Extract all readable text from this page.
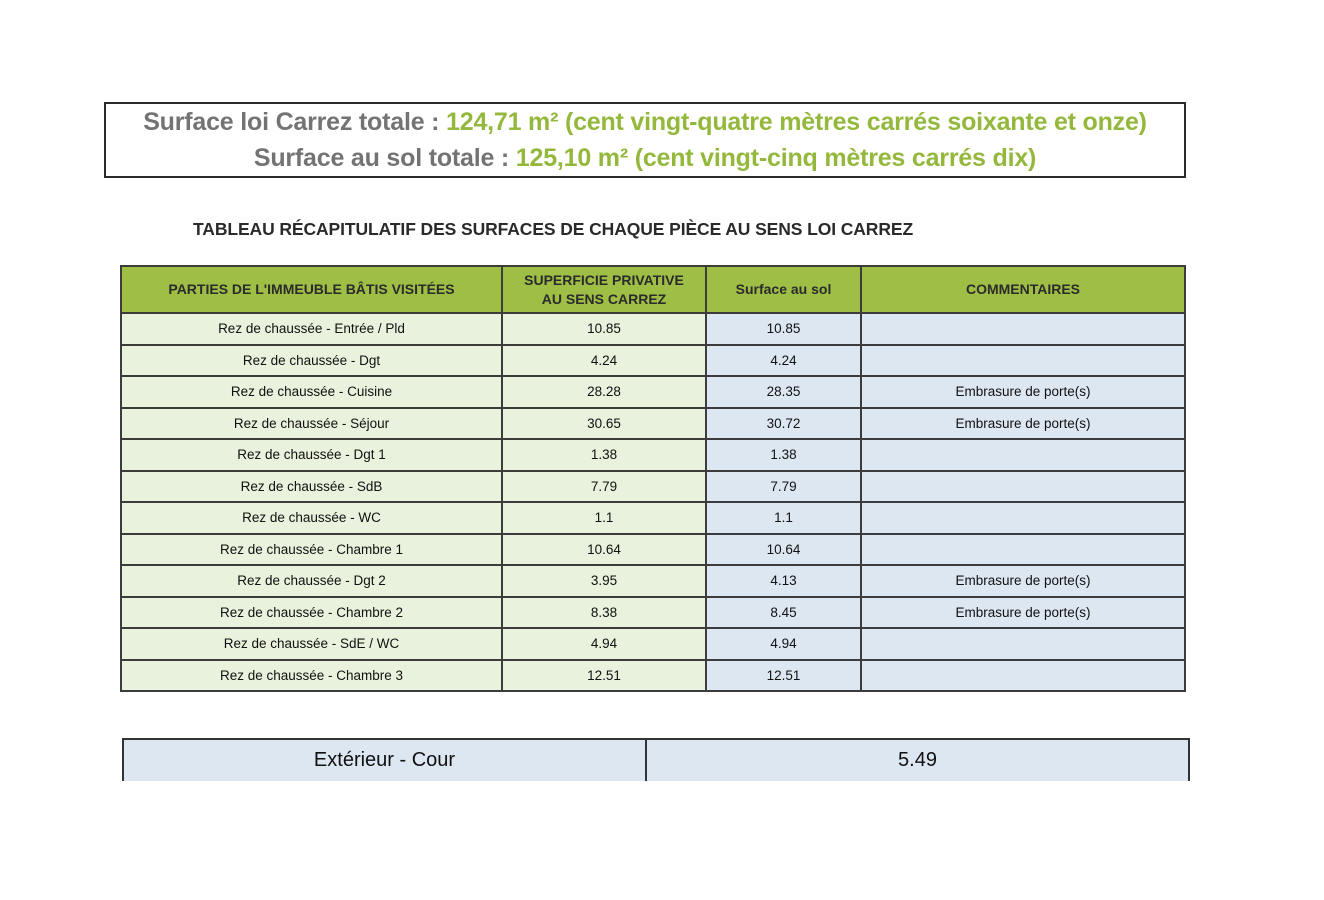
Surface loi Carrez totale : 124,71 m² (cent vingt-quatre mètres carrés soixante et onze)
Surface au sol totale : 125,10 m² (cent vingt-cinq mètres carrés dix)
TABLEAU RÉCAPITULATIF DES SURFACES DE CHAQUE PIÈCE AU SENS LOI CARREZ
PARTIES DE L'IMMEUBLE BÂTIS VISITÉES	SUPERFICIE PRIVATIVE
AU SENS CARREZ	Surface au sol	COMMENTAIRES
Rez de chaussée - Entrée / Pld	10.85	10.85	
Rez de chaussée - Dgt	4.24	4.24	
Rez de chaussée - Cuisine	28.28	28.35	Embrasure de porte(s)
Rez de chaussée - Séjour	30.65	30.72	Embrasure de porte(s)
Rez de chaussée - Dgt 1	1.38	1.38	
Rez de chaussée - SdB	7.79	7.79	
Rez de chaussée - WC	1.1	1.1	
Rez de chaussée - Chambre 1	10.64	10.64	
Rez de chaussée - Dgt 2	3.95	4.13	Embrasure de porte(s)
Rez de chaussée - Chambre 2	8.38	8.45	Embrasure de porte(s)
Rez de chaussée - SdE / WC	4.94	4.94	
Rez de chaussée - Chambre 3	12.51	12.51	
Extérieur - Cour	5.49
